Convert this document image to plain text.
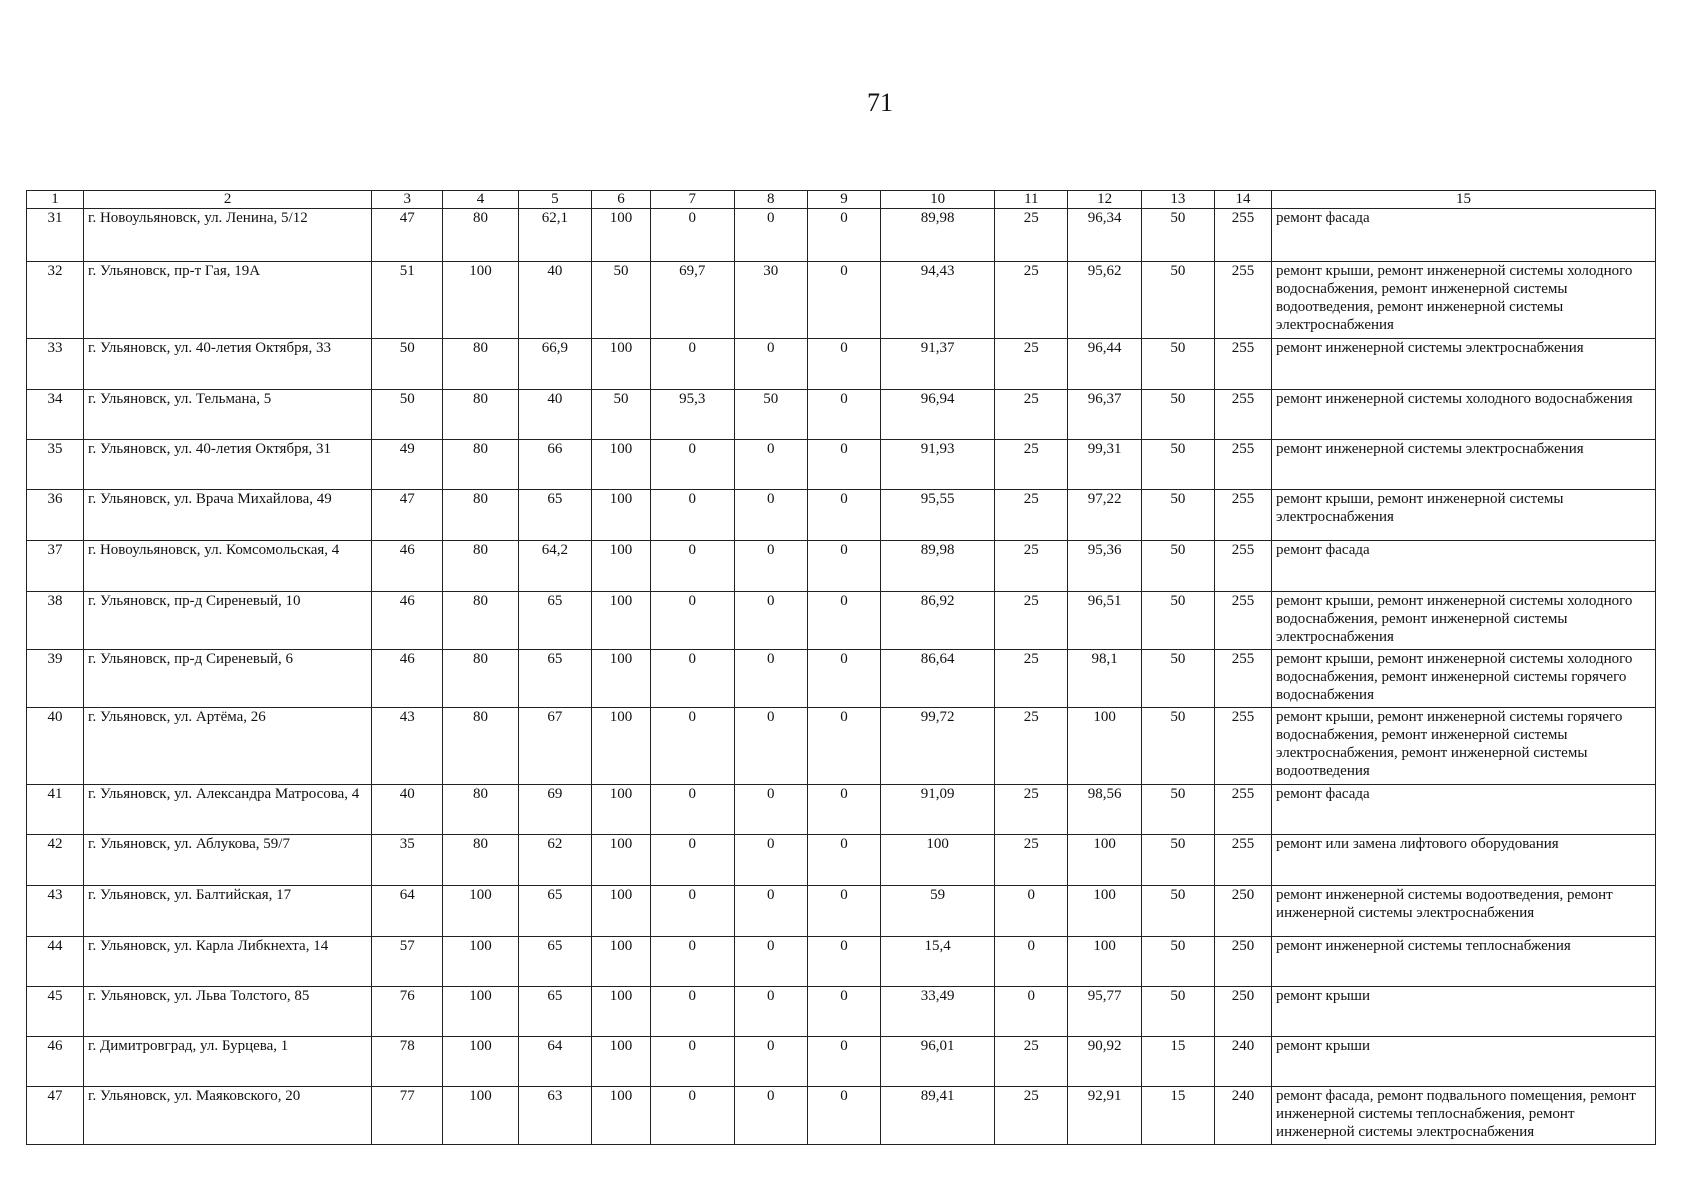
71
1	2	3	4	5	6	7	8	9	10	11	12	13	14	15
31	г. Новоульяновск, ул. Ленина, 5/12	47	80	62,1	100	0	0	0	89,98	25	96,34	50	255	ремонт фасада
32	г. Ульяновск, пр-т Гая, 19А	51	100	40	50	69,7	30	0	94,43	25	95,62	50	255	ремонт крыши, ремонт инженерной системы холодного водоснабжения, ремонт инженерной системы водоотведения, ремонт инженерной системы электроснабжения
33	г. Ульяновск, ул. 40-летия Октября, 33	50	80	66,9	100	0	0	0	91,37	25	96,44	50	255	ремонт инженерной системы электроснабжения
34	г. Ульяновск, ул. Тельмана, 5	50	80	40	50	95,3	50	0	96,94	25	96,37	50	255	ремонт инженерной системы холодного водоснабжения
35	г. Ульяновск, ул. 40-летия Октября, 31	49	80	66	100	0	0	0	91,93	25	99,31	50	255	ремонт инженерной системы электроснабжения
36	г. Ульяновск, ул. Врача Михайлова, 49	47	80	65	100	0	0	0	95,55	25	97,22	50	255	ремонт крыши, ремонт инженерной системы электроснабжения
37	г. Новоульяновск, ул. Комсомольская, 4	46	80	64,2	100	0	0	0	89,98	25	95,36	50	255	ремонт фасада
38	г. Ульяновск, пр-д Сиреневый, 10	46	80	65	100	0	0	0	86,92	25	96,51	50	255	ремонт крыши, ремонт инженерной системы холодного водоснабжения, ремонт инженерной системы электроснабжения
39	г. Ульяновск, пр-д Сиреневый, 6	46	80	65	100	0	0	0	86,64	25	98,1	50	255	ремонт крыши, ремонт инженерной системы холодного водоснабжения, ремонт инженерной системы горячего водоснабжения
40	г. Ульяновск, ул. Артёма, 26	43	80	67	100	0	0	0	99,72	25	100	50	255	ремонт крыши, ремонт инженерной системы горячего водоснабжения, ремонт инженерной системы электроснабжения, ремонт инженерной системы водоотведения
41	г. Ульяновск, ул. Александра Матросова, 4	40	80	69	100	0	0	0	91,09	25	98,56	50	255	ремонт фасада
42	г. Ульяновск, ул. Аблукова, 59/7	35	80	62	100	0	0	0	100	25	100	50	255	ремонт или замена лифтового оборудования
43	г. Ульяновск, ул. Балтийская, 17	64	100	65	100	0	0	0	59	0	100	50	250	ремонт инженерной системы водоотведения, ремонт инженерной системы электроснабжения
44	г. Ульяновск, ул. Карла Либкнехта, 14	57	100	65	100	0	0	0	15,4	0	100	50	250	ремонт инженерной системы теплоснабжения
45	г. Ульяновск, ул. Льва Толстого, 85	76	100	65	100	0	0	0	33,49	0	95,77	50	250	ремонт крыши
46	г. Димитровград, ул. Бурцева, 1	78	100	64	100	0	0	0	96,01	25	90,92	15	240	ремонт крыши
47	г. Ульяновск, ул. Маяковского, 20	77	100	63	100	0	0	0	89,41	25	92,91	15	240	ремонт фасада, ремонт подвального помещения, ремонт инженерной системы теплоснабжения, ремонт инженерной системы электроснабжения
